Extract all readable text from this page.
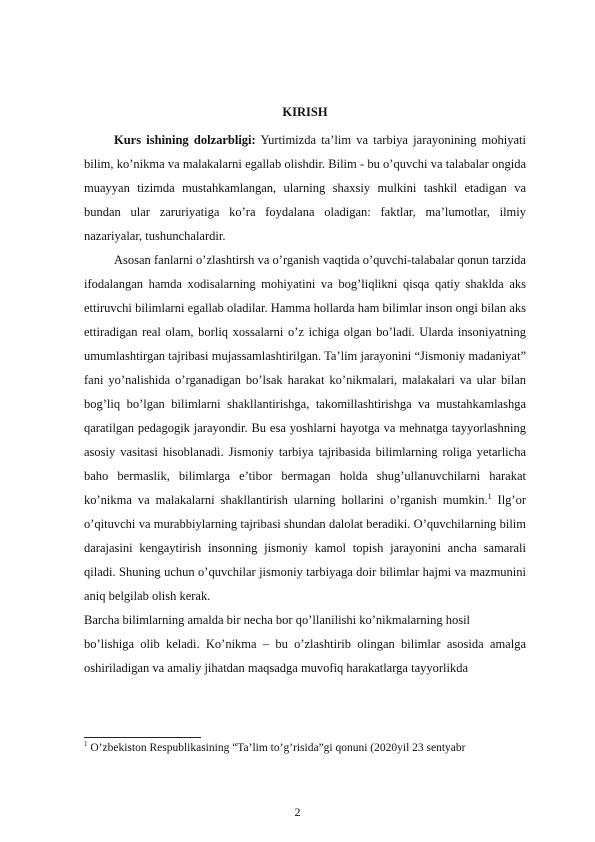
KIRISH

Kurs ishining dolzarbligi: Yurtimizda ta’lim va tarbiya jarayonining mohiyati bilim, ko’nikma va malakalarni egallab olishdir. Bilim - bu o’quvchi va talabalar ongida muayyan tizimda mustahkamlangan, ularning shaxsiy mulkini tashkil etadigan va bundan ular zaruriyatiga ko’ra foydalana oladigan: faktlar, ma’lumotlar, ilmiy nazariyalar, tushunchalardir.

Asosan fanlarni o’zlashtirsh va o’rganish vaqtida o’quvchi-talabalar qonun tarzida ifodalangan hamda xodisalarning mohiyatini va bog’liqlikni qisqa qatiy shaklda aks ettiruvchi bilimlarni egallab oladilar. Hamma hollarda ham bilimlar inson ongi bilan aks ettiradigan real olam, borliq xossalarni o’z ichiga olgan bo’ladi. Ularda insoniyatning umumlashtirgan tajribasi mujassamlashtirilgan. Ta’lim jarayonini “Jismoniy madaniyat” fani yo’nalishida o’rganadigan bo’lsak harakat ko’nikmalari, malakalari va ular bilan bog’liq bo’lgan bilimlarni shakllantirishga, takomillashtirishga va mustahkamlashga qaratilgan pedagogik jarayondir. Bu esa yoshlarni hayotga va mehnatga tayyorlashning asosiy vasitasi hisoblanadi. Jismoniy tarbiya tajribasida bilimlarning roliga yetarlicha baho bermaslik, bilimlarga e’tibor bermagan holda shug’ullanuvchilarni harakat ko’nikma va malakalarni shakllantirish ularning hollarini o’rganish mumkin.$^1$ Ilg’or o’qituvchi va murabbiylarning tajribasi shundan dalolat beradiki. O’quvchilarning bilim darajasini kengaytirish insonning jismoniy kamol topish jarayonini ancha samarali qiladi. Shuning uchun o’quvchilar jismoniy tarbiyaga doir bilimlar hajmi va mazmunini aniq belgilab olish kerak.

Barcha bilimlarning amalda bir necha bor qo’llanilishi ko’nikmalarning hosil

bo’lishiga olib keladi. Ko’nikma – bu o’zlashtirib olingan bilimlar asosida amalga oshiriladigan va amaliy jihatdan maqsadga muvofiq harakatlarga tayyorlikda

$^1$ O’zbekiston Respublikasining “Ta’lim to’g’risida”gi qonuni (2020yil 23 sentyabr
2
